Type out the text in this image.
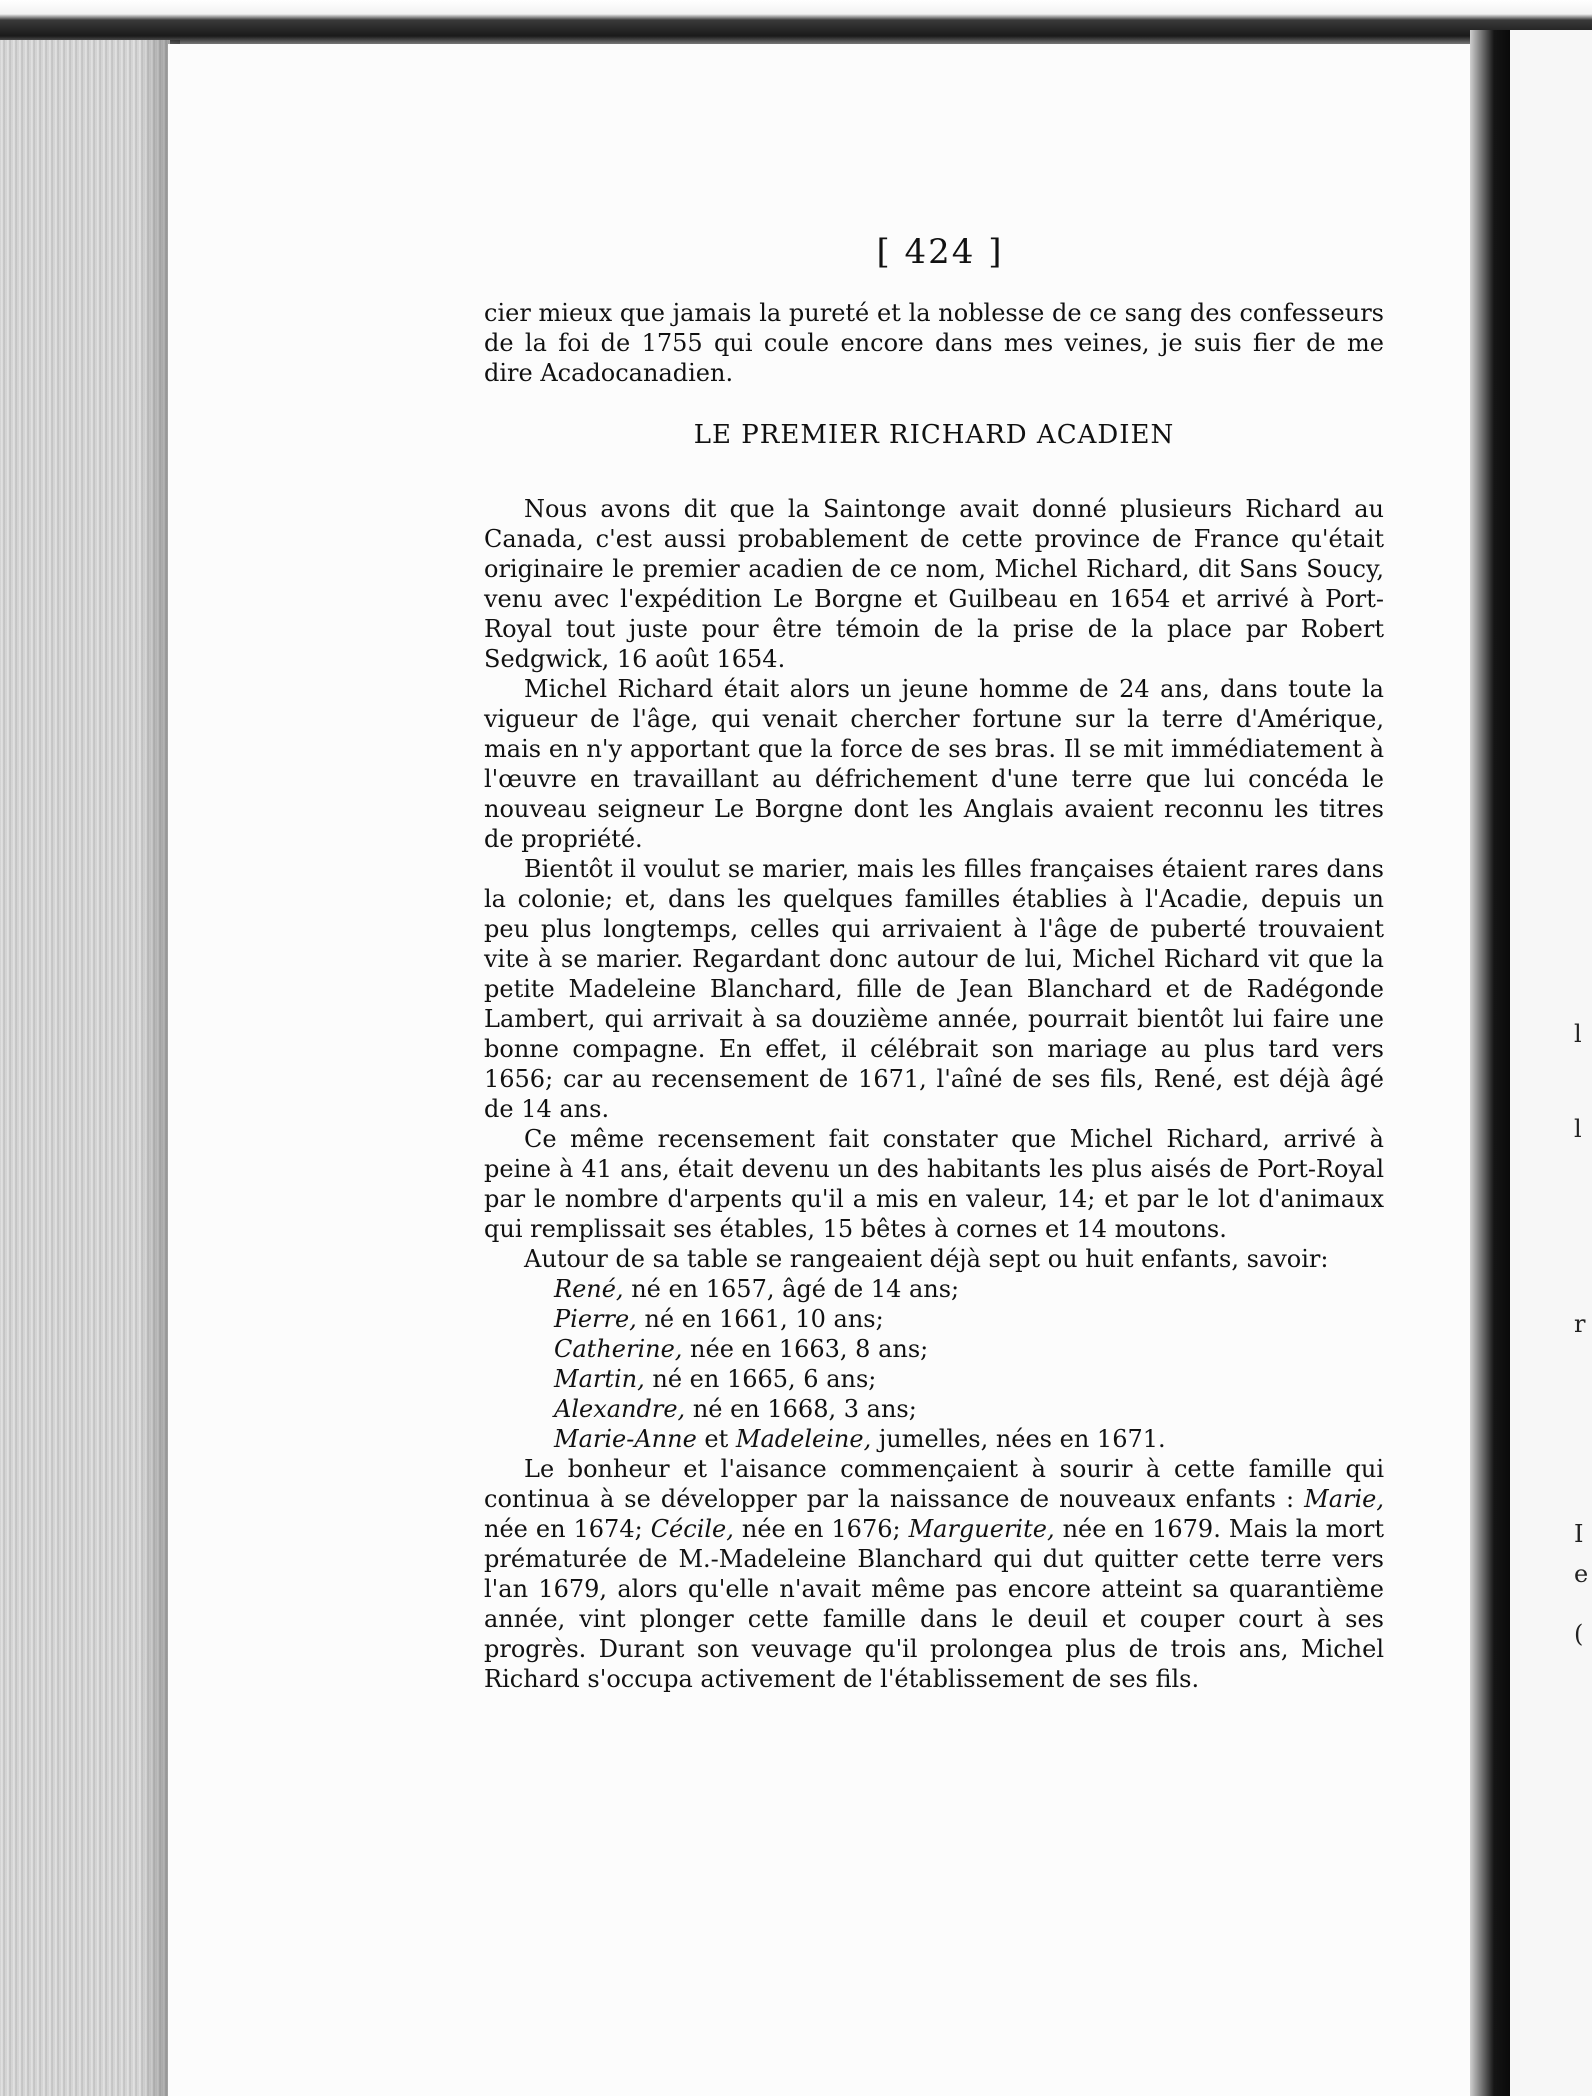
l
l
r
I
e
(
[ 424 ]

cier mieux que jamais la pureté et la noblesse de ce sang des confesseurs de la foi de 1755 qui coule encore dans mes veines, je suis fier de me dire Acadocanadien.

LE PREMIER RICHARD ACADIEN

Nous avons dit que la Saintonge avait donné plusieurs Richard au Canada, c'est aussi probablement de cette province de France qu'était originaire le premier acadien de ce nom, Michel Richard, dit Sans Soucy, venu avec l'expédition Le Borgne et Guilbeau en 1654 et arrivé à Port-Royal tout juste pour être témoin de la prise de la place par Robert Sedgwick, 16 août 1654.

Michel Richard était alors un jeune homme de 24 ans, dans toute la vigueur de l'âge, qui venait chercher fortune sur la terre d'Amérique, mais en n'y apportant que la force de ses bras. Il se mit immédiatement à l'œuvre en travaillant au défrichement d'une terre que lui concéda le nouveau seigneur Le Borgne dont les Anglais avaient reconnu les titres de propriété.

Bientôt il voulut se marier, mais les filles françaises étaient rares dans la colonie; et, dans les quelques familles établies à l'Acadie, depuis un peu plus longtemps, celles qui arrivaient à l'âge de puberté trouvaient vite à se marier. Regardant donc autour de lui, Michel Richard vit que la petite Madeleine Blanchard, fille de Jean Blanchard et de Radégonde Lambert, qui arrivait à sa douzième année, pourrait bientôt lui faire une bonne compagne. En effet, il célébrait son mariage au plus tard vers 1656; car au recensement de 1671, l'aîné de ses fils, René, est déjà âgé de 14 ans.

Ce même recensement fait constater que Michel Richard, arrivé à peine à 41 ans, était devenu un des habitants les plus aisés de Port-Royal par le nombre d'arpents qu'il a mis en valeur, 14; et par le lot d'animaux qui remplissait ses étables, 15 bêtes à cornes et 14 moutons.

Autour de sa table se rangeaient déjà sept ou huit enfants, savoir:

René, né en 1657, âgé de 14 ans;

Pierre, né en 1661, 10 ans;

Catherine, née en 1663, 8 ans;

Martin, né en 1665, 6 ans;

Alexandre, né en 1668, 3 ans;

Marie-Anne et Madeleine, jumelles, nées en 1671.

Le bonheur et l'aisance commençaient à sourir à cette famille qui continua à se développer par la naissance de nouveaux enfants : Marie, née en 1674; Cécile, née en 1676; Marguerite, née en 1679. Mais la mort prématurée de M.-Madeleine Blanchard qui dut quitter cette terre vers l'an 1679, alors qu'elle n'avait même pas encore atteint sa quarantième année, vint plonger cette famille dans le deuil et couper court à ses progrès. Durant son veuvage qu'il prolongea plus de trois ans, Michel Richard s'occupa activement de l'établissement de ses fils.
